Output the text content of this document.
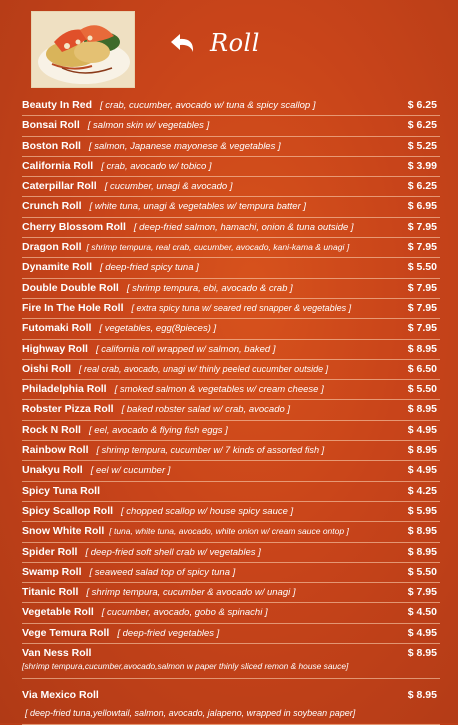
Roll
Beauty In Red [ crab, cucumber, avocado w/ tuna & spicy scallop ]	$ 6.25
Bonsai Roll [ salmon skin w/ vegetables ]	$ 6.25
Boston Roll [ salmon, Japanese mayonese & vegetables ]	$ 5.25
California Roll [ crab, avocado w/ tobico ]	$ 3.99
Caterpillar Roll [ cucumber, unagi & avocado ]	$ 6.25
Crunch Roll [ white tuna, unagi & vegetables w/ tempura batter ]	$ 6.95
Cherry Blossom Roll [ deep-fried salmon, hamachi, onion & tuna outside ]	$ 7.95
Dragon Roll [ shrimp tempura, real crab, cucumber, avocado, kani-kama & unagi ]	$ 7.95
Dynamite Roll [ deep-fried spicy tuna ]	$ 5.50
Double Double Roll [ shrimp tempura, ebi, avocado & crab ]	$ 7.95
Fire In The Hole Roll [ extra spicy tuna w/ seared red snapper & vegetables ]	$ 7.95
Futomaki Roll [ vegetables, egg(8pieces) ]	$ 7.95
Highway Roll [ california roll wrapped w/ salmon, baked ]	$ 8.95
Oishi Roll [ real crab, avocado, unagi w/ thinly peeled cucumber outside ]	$ 6.50
Philadelphia Roll [ smoked salmon & vegetables w/ cream cheese ]	$ 5.50
Robster Pizza Roll [ baked robster salad w/ crab, avocado ]	$ 8.95
Rock N Roll [ eel, avocado & flying fish eggs ]	$ 4.95
Rainbow Roll [ shrimp tempura, cucumber w/ 7 kinds of assorted fish ]	$ 8.95
Unakyu Roll [ eel w/ cucumber ]	$ 4.95
Spicy Tuna Roll	$ 4.25
Spicy Scallop Roll [ chopped scallop w/ house spicy sauce ]	$ 5.95
Snow White Roll [ tuna, white tuna, avocado, white onion w/ cream sauce ontop ]	$ 8.95
Spider Roll [ deep-fried soft shell crab w/ vegetables ]	$ 8.95
Swamp Roll [ seaweed salad top of spicy tuna ]	$ 5.50
Titanic Roll [ shrimp tempura, cucumber & avocado w/ unagi ]	$ 7.95
Vegetable Roll [ cucumber, avocado, gobo & spinachi ]	$ 4.50
Vege Temura Roll [ deep-fried vegetables ]	$ 4.95
Van Ness Roll	$ 8.95
[shrimp tempura,cucumber,avocado,salmon w paper thinly sliced remon & house sauce]
Via Mexico Roll	$ 8.95
[ deep-fried tuna,yellowtail, salmon, avocado, jalapeno, wrapped in soybean paper]
